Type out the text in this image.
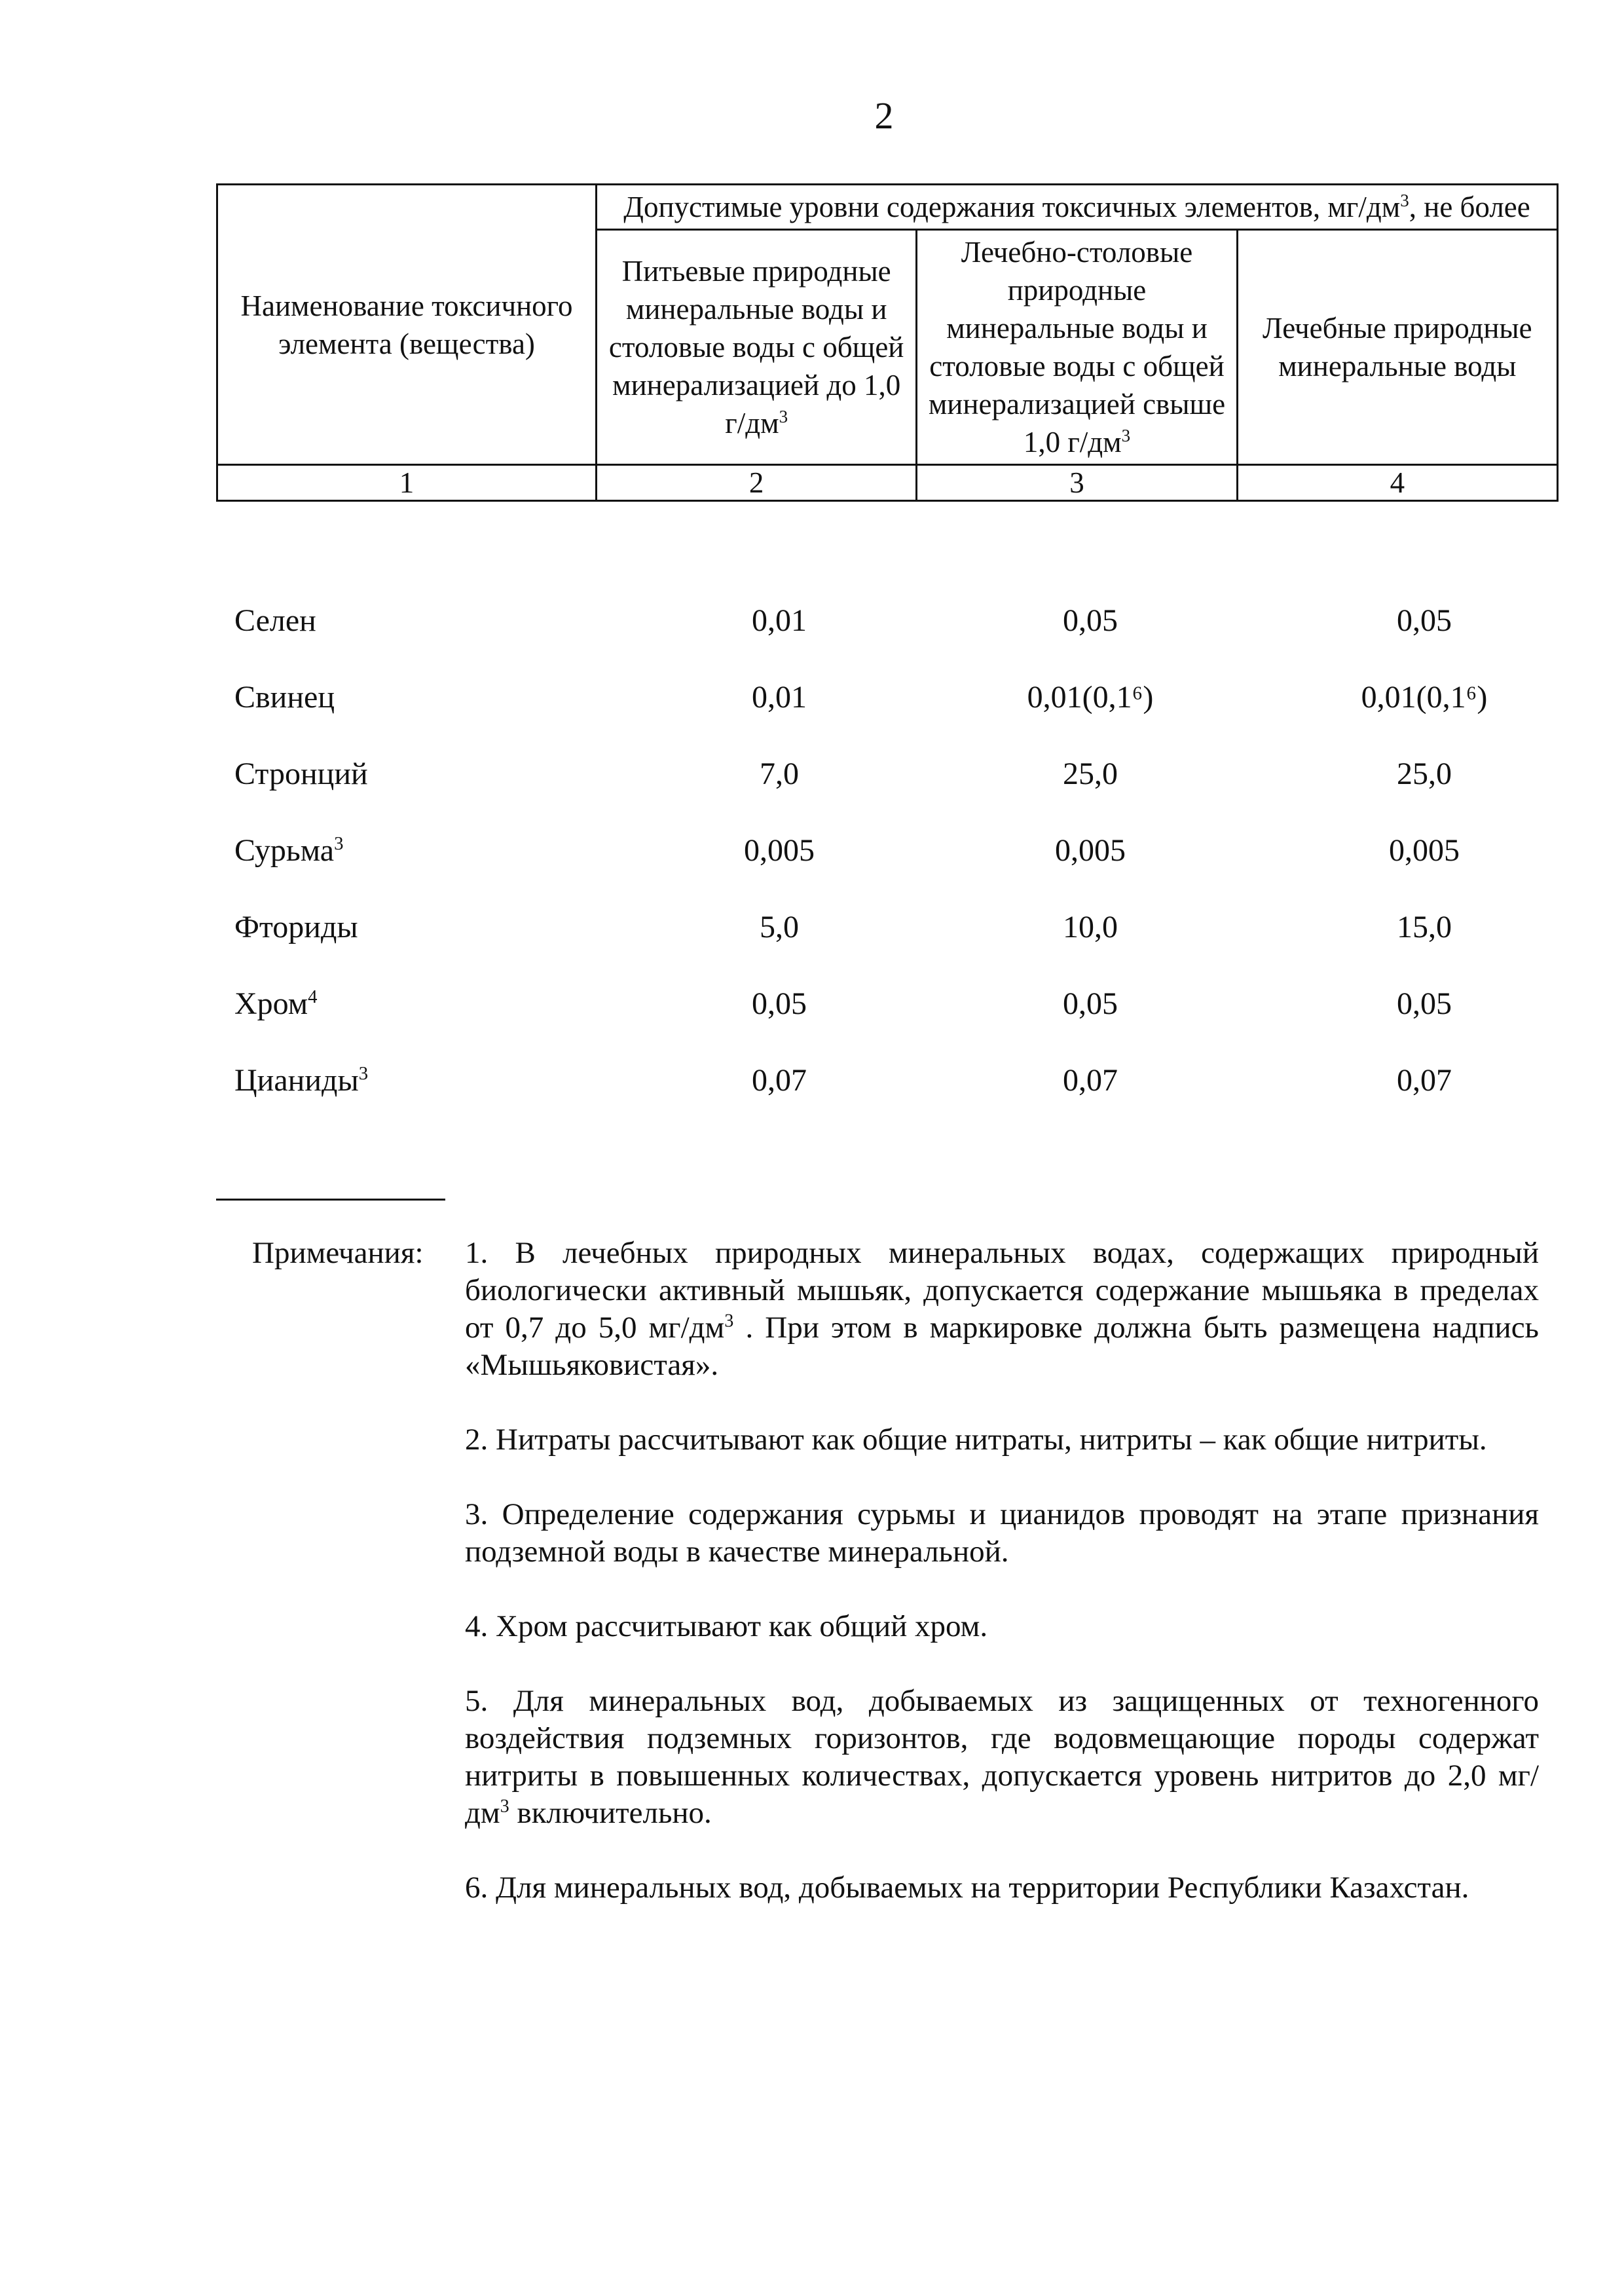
2
Наименование токсичного элемента (вещества)	Допустимые уровни содержания токсичных элементов, $мг/дм^3$, не более		
	Питьевые природные минеральные воды и столовые воды с общей минерализацией до 1,0 $г/дм^3$	Лечебно-столовые природные минеральные воды и столовые воды с общей минерализацией свыше 1,0 $г/дм^3$	Лечебные природные минеральные воды
1	2	3	4
Селен	0,01	0,05	0,05
Свинец	0,01	0,01(0,1⁶)	0,01(0,1⁶)
Стронций	7,0	25,0	25,0
Сурьма$^3$	0,005	0,005	0,005
Фториды	5,0	10,0	15,0
Хром$^4$	0,05	0,05	0,05
Цианиды$^3$	0,07	0,07	0,07
Примечания: 1. В лечебных природных минеральных водах, содержащих природный биологически активный мышьяк, допускается содержание мышьяка в пределах от 0,7 до 5,0 $мг/дм^3$ . При этом в маркировке должна быть размещена надпись «Мышьяковистая».

2. Нитраты рассчитывают как общие нитраты, нитриты – как общие нитриты.

3. Определение содержания сурьмы и цианидов проводят на этапе признания подземной воды в качестве минеральной.

4. Хром рассчитывают как общий хром.

5. Для минеральных вод, добываемых из защищенных от техногенного воздействия подземных горизонтов, где водовмещающие породы содержат нитриты в повышенных количествах, допускается уровень нитритов до 2,0 $мг/дм^3$ включительно.

6. Для минеральных вод, добываемых на территории Республики Казахстан.
